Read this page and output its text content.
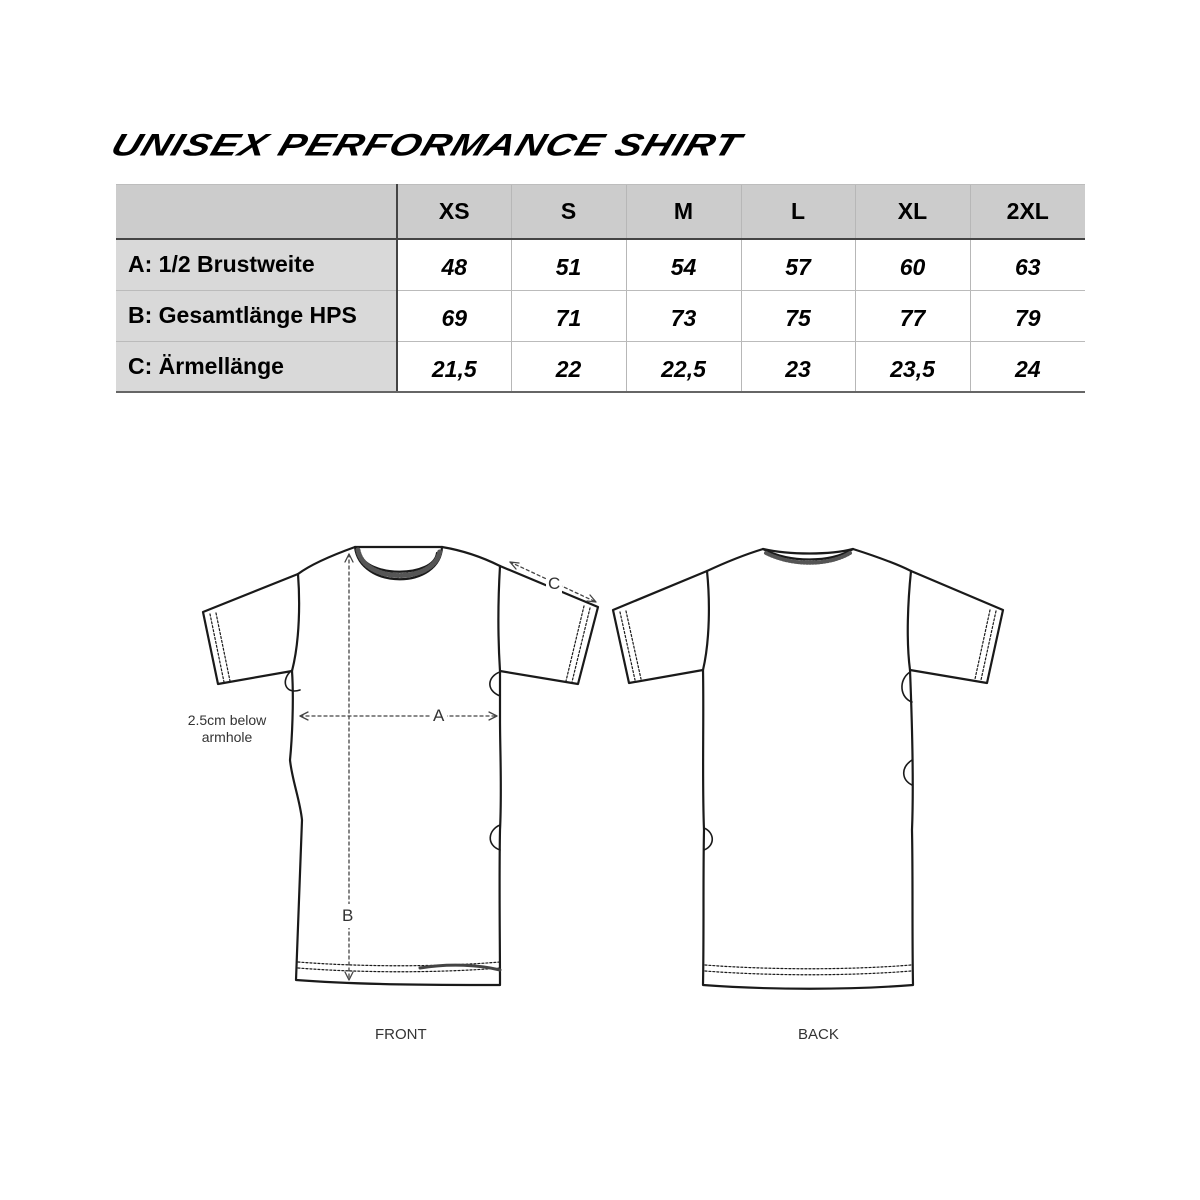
UNISEX PERFORMANCE SHIRT
	XS	S	M	L	XL	2XL
A: 1/2 Brustweite	48	51	54	57	60	63
B: Gesamtlänge HPS	69	71	73	75	77	79
C: Ärmellänge	21,5	22	22,5	23	23,5	24
A
B
C
2.5cm below
armhole
FRONT	BACK
